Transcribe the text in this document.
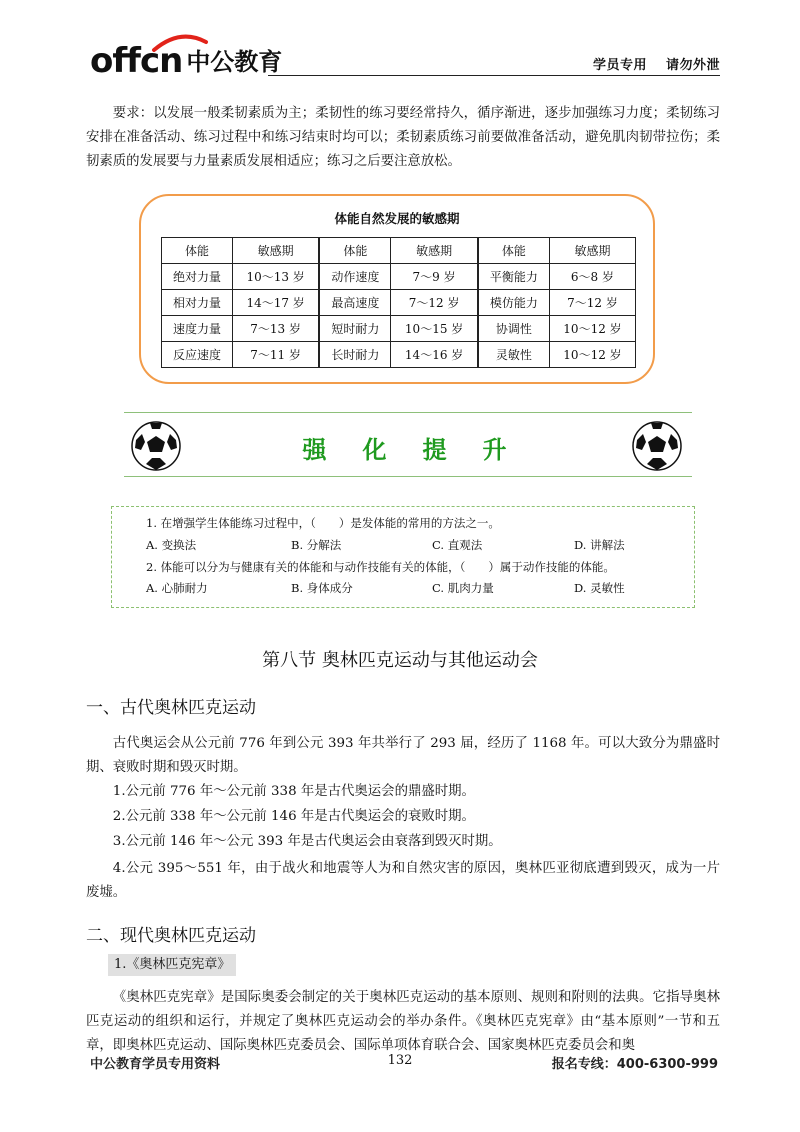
offcn 中公教育	学员专用 请勿外泄
要求：以发展一般柔韧素质为主；柔韧性的练习要经常持久，循序渐进，逐步加强练习力度；柔韧练习安排在准备活动、练习过程中和练习结束时均可以；柔韧素质练习前要做准备活动，避免肌肉韧带拉伤；柔韧素质的发展要与力量素质发展相适应；练习之后要注意放松。
体能自然发展的敏感期
体能	敏感期	体能	敏感期	体能	敏感期
绝对力量	10～13 岁	动作速度	7～9 岁	平衡能力	6～8 岁
相对力量	14～17 岁	最高速度	7～12 岁	模仿能力	7～12 岁
速度力量	7～13 岁	短时耐力	10～15 岁	协调性	10～12 岁
反应速度	7～11 岁	长时耐力	14～16 岁	灵敏性	10～12 岁
强化提升
1. 在增强学生体能练习过程中，（　　）是发体能的常用的方法之一。
A. 变换法	B. 分解法	C. 直观法	D. 讲解法
2. 体能可以分为与健康有关的体能和与动作技能有关的体能，（　　）属于动作技能的体能。
A. 心肺耐力	B. 身体成分	C. 肌肉力量	D. 灵敏性
第八节 奥林匹克运动与其他运动会
一、古代奥林匹克运动
古代奥运会从公元前 776 年到公元 393 年共举行了 293 届，经历了 1168 年。可以大致分为鼎盛时期、衰败时期和毁灭时期。
1.公元前 776 年～公元前 338 年是古代奥运会的鼎盛时期。
2.公元前 338 年～公元前 146 年是古代奥运会的衰败时期。
3.公元前 146 年～公元 393 年是古代奥运会由衰落到毁灭时期。
4.公元 395～551 年，由于战火和地震等人为和自然灾害的原因，奥林匹亚彻底遭到毁灭，成为一片废墟。
二、现代奥林匹克运动
1.《奥林匹克宪章》
《奥林匹克宪章》是国际奥委会制定的关于奥林匹克运动的基本原则、规则和附则的法典。它指导奥林匹克运动的组织和运行，并规定了奥林匹克运动会的举办条件。《奥林匹克宪章》由“基本原则”一节和五章，即奥林匹克运动、国际奥林匹克委员会、国际单项体育联合会、国家奥林匹克委员会和奥
中公教育学员专用资料	132	报名专线：400-6300-999
